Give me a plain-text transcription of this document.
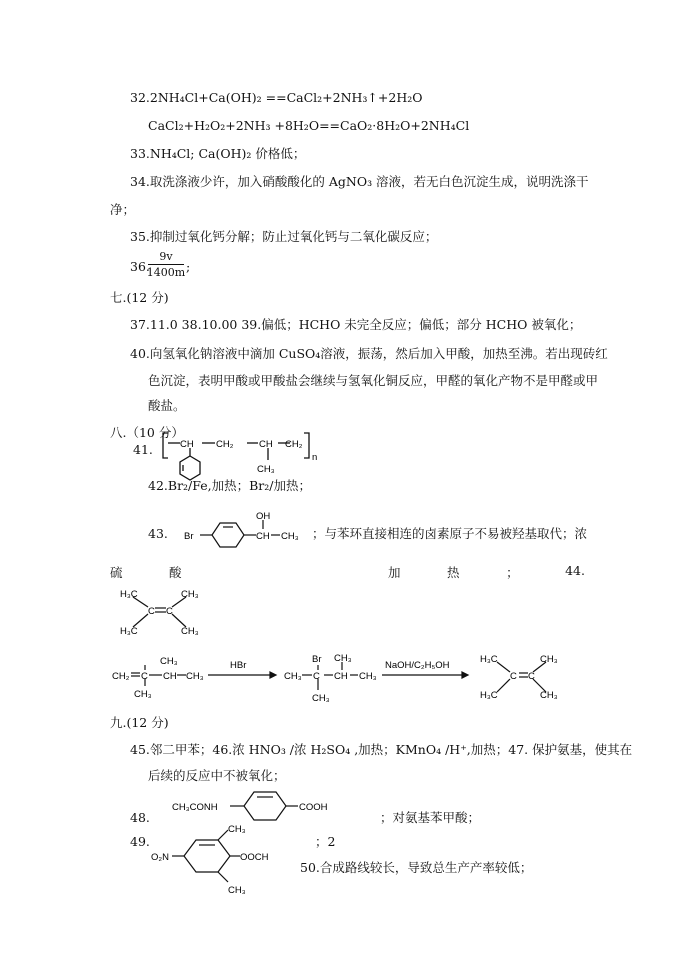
32.2NH₄Cl+Ca(OH)₂ ==CaCl₂+2NH₃↑+2H₂O
CaCl₂+H₂O₂+2NH₃ +8H₂O==CaO₂·8H₂O+2NH₄Cl
33.NH₄Cl; Ca(OH)₂ 价格低；
34.取洗涤液少许，加入硝酸酸化的 AgNO₃ 溶液，若无白色沉淀生成，说明洗涤干
净；
35.抑制过氧化钙分解；防止过氧化钙与二氧化碳反应；
36.
9v
1400m ;
七.(12 分)
37.11.0 38.10.00 39.偏低；HCHO 未完全反应；偏低；部分 HCHO 被氧化；
40.向氢氧化钠溶液中滴加 CuSO₄溶液，振荡，然后加入甲酸，加热至沸。若出现砖红
色沉淀，表明甲酸或甲酸盐会继续与氢氧化铜反应，甲醛的氧化产物不是甲醛或甲
酸盐。
八.（10 分）
41.	CH CH₂	CH CH₂
CH₃
n
Br
OH
CH CH₃
H₃C	CH₃
C C
H₃C	CH₃
CH₂ C CH CH₃
CH₃
CH₃
HBr
Br CH₃
CH₃ C CH CH₃
CH₃
NaOH/C₂H₅OH
H₃C	CH₃
C C
H₃C	CH₃
CH₃CONH	COOH
CH₃
O₂N	OOCH
CH₃
42.Br₂/Fe,加热；Br₂/加热；
43.	；与苯环直接相连的卤素原子不易被羟基取代；浓
硫	酸	加	热	；	44.
九.(12 分)
45.邻二甲苯；46.浓 HNO₃ /浓 H₂SO₄ ,加热；KMnO₄ /H⁺,加热；47. 保护氨基，使其在
后续的反应中不被氧化；
48.	；对氨基苯甲酸；
49.	；2
50.合成路线较长，导致总生产产率较低；
